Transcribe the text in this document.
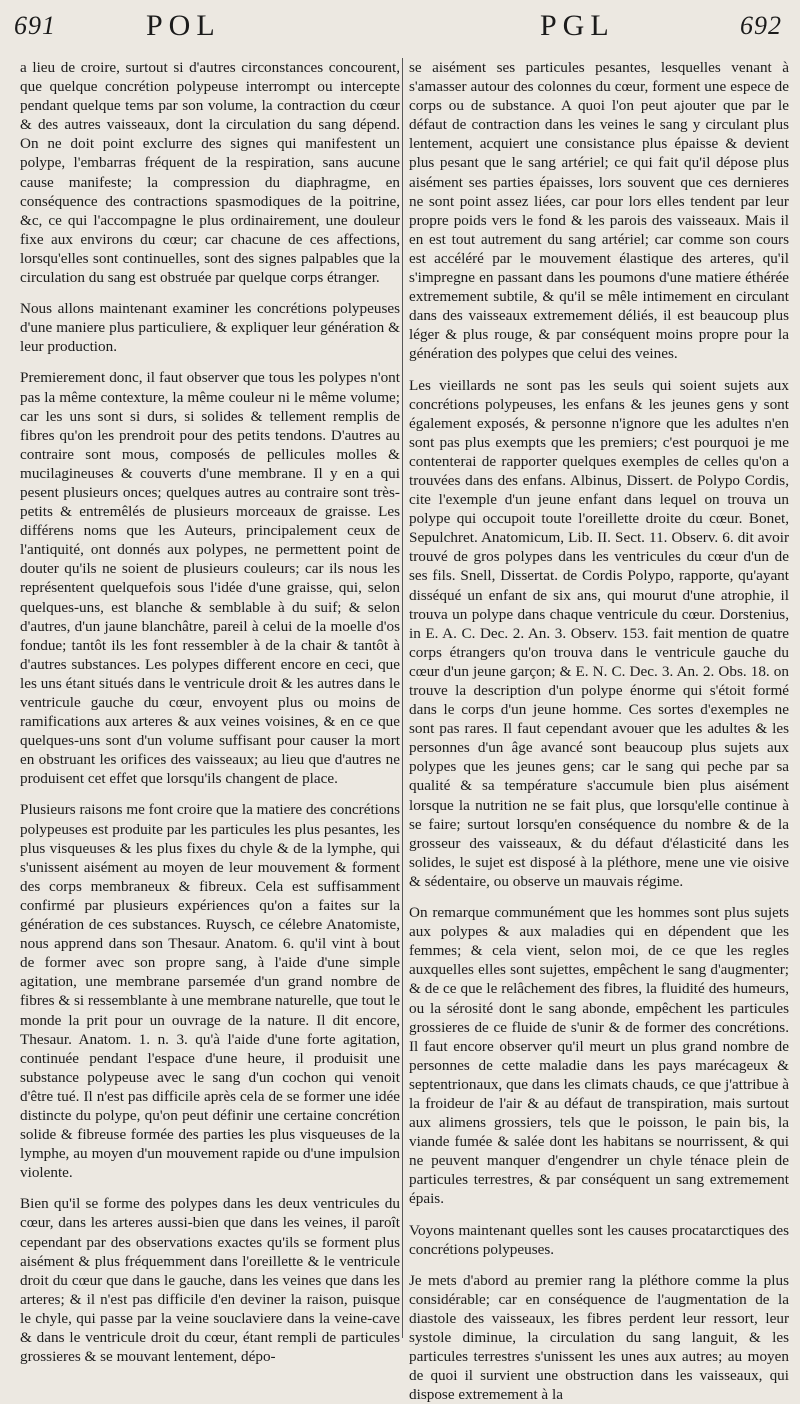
691	POL	PGL	692

a lieu de croire, surtout si d'autres circonstances concourent, que quelque concrétion polypeuse interrompt ou intercepte pendant quelque tems par son volume, la contraction du cœur & des autres vaisseaux, dont la circulation du sang dépend. On ne doit point exclurre des signes qui manifestent un polype, l'embarras fréquent de la respiration, sans aucune cause manifeste; la compression du diaphragme, en conséquence des contractions spasmodiques de la poitrine, &c, ce qui l'accompagne le plus ordinairement, une douleur fixe aux environs du cœur; car chacune de ces affections, lorsqu'elles sont continuelles, sont des signes palpables que la circulation du sang est obstruée par quelque corps étranger.

Nous allons maintenant examiner les concrétions polypeuses d'une maniere plus particuliere, & expliquer leur génération & leur production.

Premierement donc, il faut observer que tous les polypes n'ont pas la même contexture, la même couleur ni le même volume; car les uns sont si durs, si solides & tellement remplis de fibres qu'on les prendroit pour des petits tendons. D'autres au contraire sont mous, composés de pellicules molles & mucilagineuses & couverts d'une membrane. Il y en a qui pesent plusieurs onces; quelques autres au contraire sont très-petits & entremêlés de plusieurs morceaux de graisse. Les différens noms que les Auteurs, principalement ceux de l'antiquité, ont donnés aux polypes, ne permettent point de douter qu'ils ne soient de plusieurs couleurs; car ils nous les représentent quelquefois sous l'idée d'une graisse, qui, selon quelques-uns, est blanche & semblable à du suif; & selon d'autres, d'un jaune blanchâtre, pareil à celui de la moelle d'os fondue; tantôt ils les font ressembler à de la chair & tantôt à d'autres substances. Les polypes different encore en ceci, que les uns étant situés dans le ventricule droit & les autres dans le ventricule gauche du cœur, envoyent plus ou moins de ramifications aux arteres & aux veines voisines, & en ce que quelques-uns sont d'un volume suffisant pour causer la mort en obstruant les orifices des vaisseaux; au lieu que d'autres ne produisent cet effet que lorsqu'ils changent de place.

Plusieurs raisons me font croire que la matiere des concrétions polypeuses est produite par les particules les plus pesantes, les plus visqueuses & les plus fixes du chyle & de la lymphe, qui s'unissent aisément au moyen de leur mouvement & forment des corps membraneux & fibreux. Cela est suffisamment confirmé par plusieurs expériences qu'on a faites sur la génération de ces substances. Ruysch, ce célebre Anatomiste, nous apprend dans son Thesaur. Anatom. 6. qu'il vint à bout de former avec son propre sang, à l'aide d'une simple agitation, une membrane parsemée d'un grand nombre de fibres & si ressemblante à une membrane naturelle, que tout le monde la prit pour un ouvrage de la nature. Il dit encore, Thesaur. Anatom. 1. n. 3. qu'à l'aide d'une forte agitation, continuée pendant l'espace d'une heure, il produisit une substance polypeuse avec le sang d'un cochon qui venoit d'être tué. Il n'est pas difficile après cela de se former une idée distincte du polype, qu'on peut définir une certaine concrétion solide & fibreuse formée des parties les plus visqueuses de la lymphe, au moyen d'un mouvement rapide ou d'une impulsion violente.

Bien qu'il se forme des polypes dans les deux ventricules du cœur, dans les arteres aussi-bien que dans les veines, il paroît cependant par des observations exactes qu'ils se forment plus aisément & plus fréquemment dans l'oreillette & le ventricule droit du cœur que dans le gauche, dans les veines que dans les arteres; & il n'est pas difficile d'en deviner la raison, puisque le chyle, qui passe par la veine souclaviere dans la veine-cave & dans le ventricule droit du cœur, étant rempli de particules grossieres & se mouvant lentement, dépo-

se aisément ses particules pesantes, lesquelles venant à s'amasser autour des colonnes du cœur, forment une espece de corps ou de substance. A quoi l'on peut ajouter que par le défaut de contraction dans les veines le sang y circulant plus lentement, acquiert une consistance plus épaisse & devient plus pesant que le sang artériel; ce qui fait qu'il dépose plus aisément ses parties épaisses, lors souvent que ces dernieres ne sont point assez liées, car pour lors elles tendent par leur propre poids vers le fond & les parois des vaisseaux. Mais il en est tout autrement du sang artériel; car comme son cours est accéléré par le mouvement élastique des arteres, qu'il s'impregne en passant dans les poumons d'une matiere éthérée extremement subtile, & qu'il se mêle intimement en circulant dans des vaisseaux extremement déliés, il est beaucoup plus léger & plus rouge, & par conséquent moins propre pour la génération des polypes que celui des veines.

Les vieillards ne sont pas les seuls qui soient sujets aux concrétions polypeuses, les enfans & les jeunes gens y sont également exposés, & personne n'ignore que les adultes n'en sont pas plus exempts que les premiers; c'est pourquoi je me contenterai de rapporter quelques exemples de celles qu'on a trouvées dans des enfans. Albinus, Dissert. de Polypo Cordis, cite l'exemple d'un jeune enfant dans lequel on trouva un polype qui occupoit toute l'oreillette droite du cœur. Bonet, Sepulchret. Anatomicum, Lib. II. Sect. 11. Observ. 6. dit avoir trouvé de gros polypes dans les ventricules du cœur d'un de ses fils. Snell, Dissertat. de Cordis Polypo, rapporte, qu'ayant disséqué un enfant de six ans, qui mourut d'une atrophie, il trouva un polype dans chaque ventricule du cœur. Dorstenius, in E. A. C. Dec. 2. An. 3. Observ. 153. fait mention de quatre corps étrangers qu'on trouva dans le ventricule gauche du cœur d'un jeune garçon; & E. N. C. Dec. 3. An. 2. Obs. 18. on trouve la description d'un polype énorme qui s'étoit formé dans le corps d'un jeune homme. Ces sortes d'exemples ne sont pas rares. Il faut cependant avouer que les adultes & les personnes d'un âge avancé sont beaucoup plus sujets aux polypes que les jeunes gens; car le sang qui peche par sa qualité & sa température s'accumule bien plus aisément lorsque la nutrition ne se fait plus, que lorsqu'elle continue à se faire; surtout lorsqu'en conséquence du nombre & de la grosseur des vaisseaux, & du défaut d'élasticité dans les solides, le sujet est disposé à la pléthore, mene une vie oisive & sédentaire, ou observe un mauvais régime.

On remarque communément que les hommes sont plus sujets aux polypes & aux maladies qui en dépendent que les femmes; & cela vient, selon moi, de ce que les regles auxquelles elles sont sujettes, empêchent le sang d'augmenter; & de ce que le relâchement des fibres, la fluidité des humeurs, ou la sérosité dont le sang abonde, empêchent les particules grossieres de ce fluide de s'unir & de former des concrétions. Il faut encore observer qu'il meurt un plus grand nombre de personnes de cette maladie dans les pays marécageux & septentrionaux, que dans les climats chauds, ce que j'attribue à la froideur de l'air & au défaut de transpiration, mais surtout aux alimens grossiers, tels que le poisson, le pain bis, la viande fumée & salée dont les habitans se nourrissent, & qui ne peuvent manquer d'engendrer un chyle ténace plein de particules terrestres, & par conséquent un sang extremement épais.

Voyons maintenant quelles sont les causes procatarctiques des concrétions polypeuses.

Je mets d'abord au premier rang la pléthore comme la plus considérable; car en conséquence de l'augmentation de la diastole des vaisseaux, les fibres perdent leur ressort, leur systole diminue, la circulation du sang languit, & les particules terrestres s'unissent les unes aux autres; au moyen de quoi il survient une obstruction dans les vaisseaux, qui dispose extremement à la
